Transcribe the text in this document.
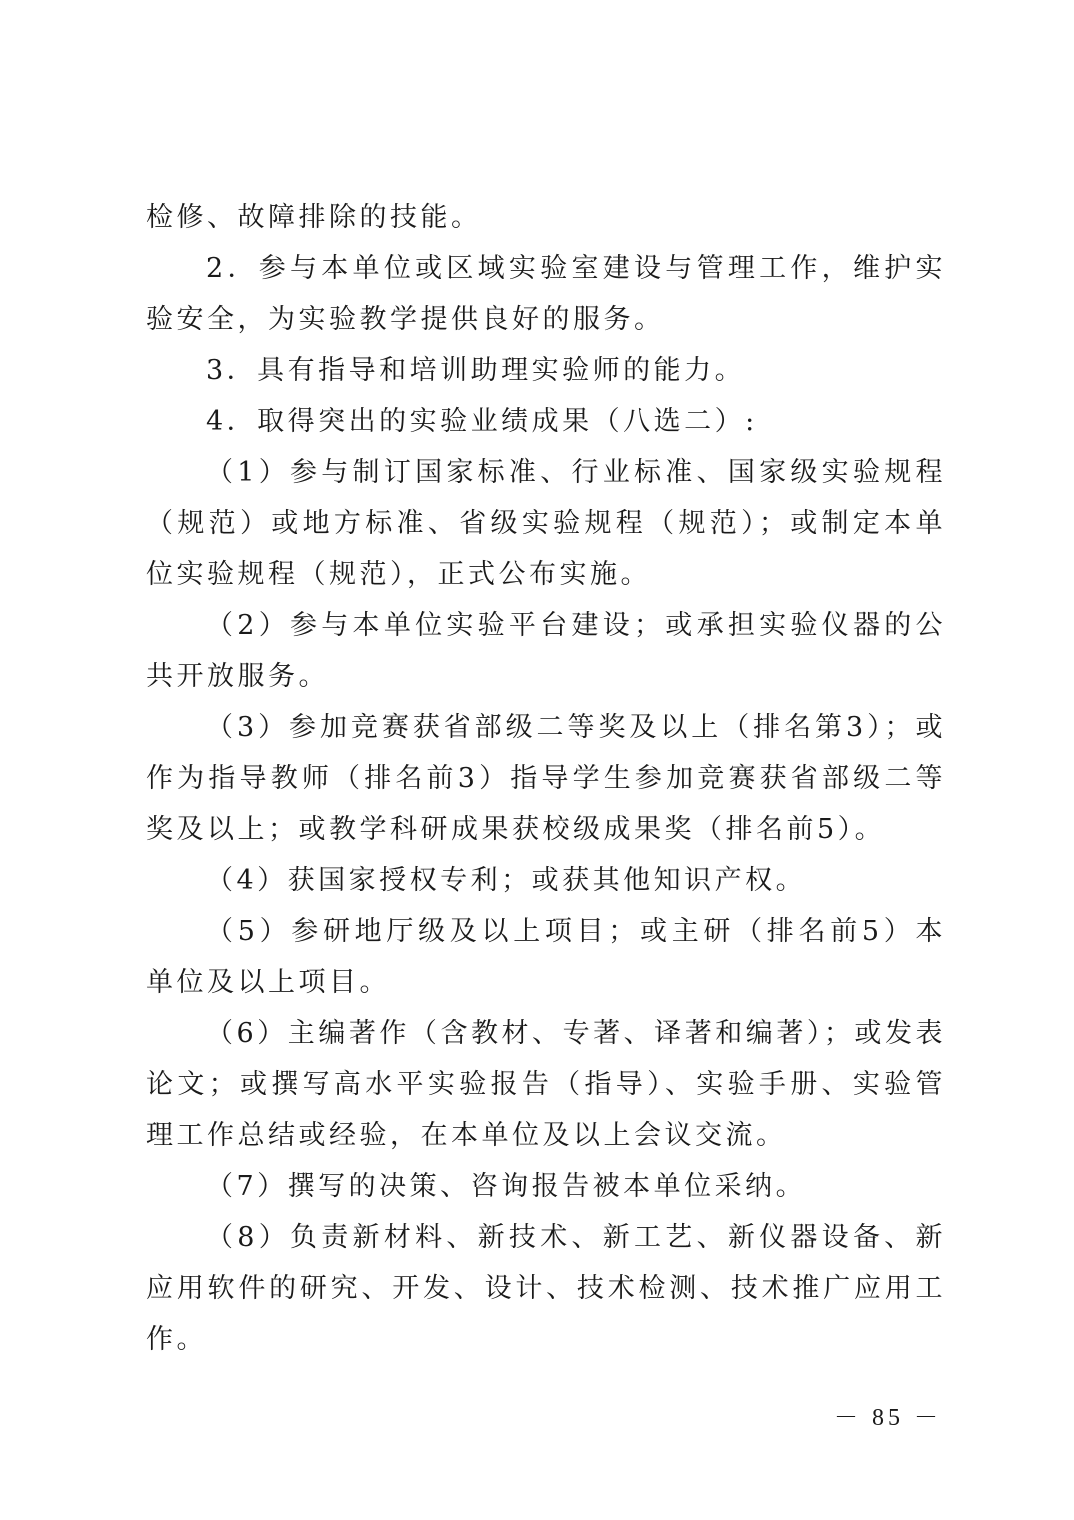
检修、故障排除的技能。

2．参与本单位或区域实验室建设与管理工作，维护实验安全，为实验教学提供良好的服务。

3．具有指导和培训助理实验师的能力。

4．取得突出的实验业绩成果（八选二）:

（1）参与制订国家标准、行业标准、国家级实验规程（规范）或地方标准、省级实验规程（规范）；或制定本单位实验规程（规范），正式公布实施。

（2）参与本单位实验平台建设；或承担实验仪器的公共开放服务。

（3）参加竞赛获省部级二等奖及以上（排名第3）；或作为指导教师（排名前3）指导学生参加竞赛获省部级二等奖及以上；或教学科研成果获校级成果奖（排名前5）。

（4）获国家授权专利；或获其他知识产权。

（5）参研地厅级及以上项目；或主研（排名前5）本单位及以上项目。

（6）主编著作（含教材、专著、译著和编著）；或发表论文；或撰写高水平实验报告（指导）、实验手册、实验管理工作总结或经验，在本单位及以上会议交流。

（7）撰写的决策、咨询报告被本单位采纳。

（8）负责新材料、新技术、新工艺、新仪器设备、新应用软件的研究、开发、设计、技术检测、技术推广应用工作。

－ 85 －
